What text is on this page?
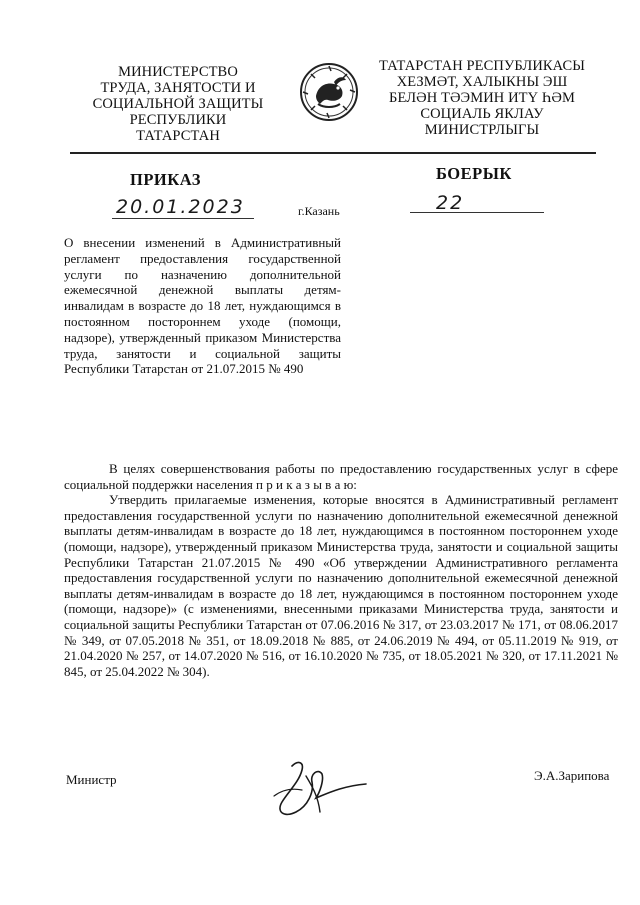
МИНИСТЕРСТВО
ТРУДА, ЗАНЯТОСТИ И
СОЦИАЛЬНОЙ ЗАЩИТЫ
РЕСПУБЛИКИ
ТАТАРСТАН
ТАТАРСТАН РЕСПУБЛИКАСЫ
ХЕЗМӘТ, ХАЛЫКНЫ ЭШ
БЕЛӘН ТӘЭМИН ИТҮ ҺӘМ
СОЦИАЛЬ ЯКЛАУ
МИНИСТРЛЫГЫ
ПРИКАЗ	БОЕРЫК
20.01.2023	г.Казань	22
О внесении изменений в Административный регламент предоставления государственной услуги по назначению дополнительной ежемесячной денежной выплаты детям-инвалидам в возрасте до 18 лет, нуждающимся в постоянном постороннем уходе (помощи, надзоре), утвержденный приказом Министерства труда, занятости и социальной защиты Республики Татарстан от 21.07.2015 № 490

В целях совершенствования работы по предоставлению государственных услуг в сфере социальной поддержки населения п р и к а з ы в а ю:

Утвердить прилагаемые изменения, которые вносятся в Административный регламент предоставления государственной услуги по назначению дополнительной ежемесячной денежной выплаты детям-инвалидам в возрасте до 18 лет, нуждающимся в постоянном постороннем уходе (помощи, надзоре), утвержденный приказом Министерства труда, занятости и социальной защиты Республики Татарстан 21.07.2015 № 490 «Об утверждении Административного регламента предоставления государственной услуги по назначению дополнительной ежемесячной денежной выплаты детям-инвалидам в возрасте до 18 лет, нуждающимся в постоянном постороннем уходе (помощи, надзоре)» (с изменениями, внесенными приказами Министерства труда, занятости и социальной защиты Республики Татарстан от 07.06.2016 № 317, от 23.03.2017 № 171, от 08.06.2017 № 349, от 07.05.2018 № 351, от 18.09.2018 № 885, от 24.06.2019 № 494, от 05.11.2019 № 919, от 21.04.2020 № 257, от 14.07.2020 № 516, от 16.10.2020 № 735, от 18.05.2021 № 320, от 17.11.2021 № 845, от 25.04.2022 № 304).

Министр	Э.А.Зарипова
